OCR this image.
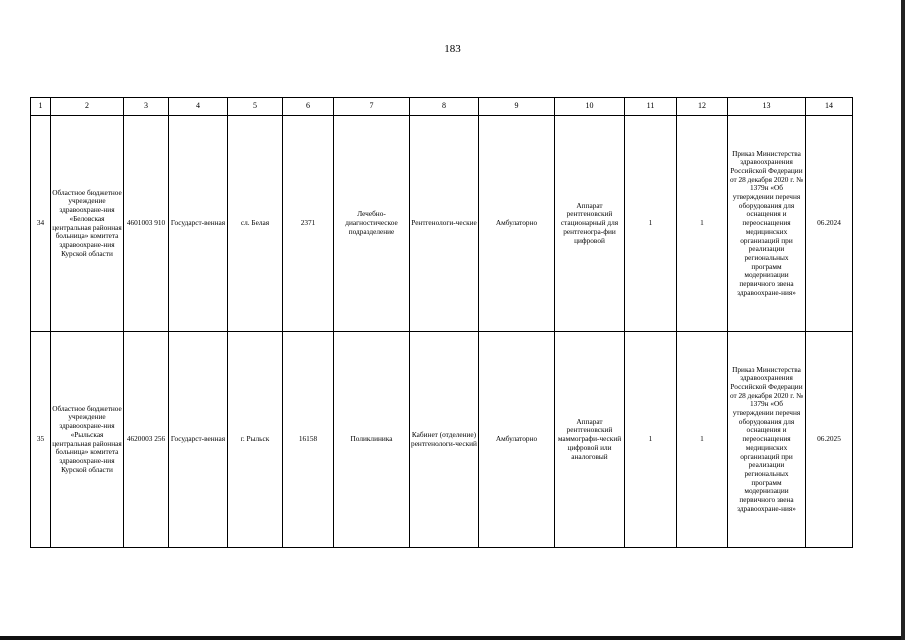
183
1	2	3	4	5	6	7	8	9	10	11	12	13	14
34	Областное бюджетное учреждение здравоохране-ния «Беловская центральная районная больница» комитета здравоохране-ния Курской области	4601003 910	Государст-венная	сл. Белая	2371	Лечебно-диагностическое подразделение	Рентгенологи-ческие	Амбулаторно	Аппарат рентгеновский стационарный для рентгеногра-фии цифровой	1	1	Приказ Министерства здравоохранения Российской Федерации от 28 декабря 2020 г. № 1379н «Об утверждении перечня оборудования для оснащения и переоснащения медицинских организаций при реализации региональных программ модернизации первичного звена здравоохране-ния»	06.2024
35	Областное бюджетное учреждение здравоохране-ния «Рыльская центральная районная больница» комитета здравоохране-ния Курской области	4620003 256	Государст-венная	г. Рыльск	16158	Поликлиника	Кабинет (отделение) рентгенологи-ческий	Амбулаторно	Аппарат рентгеновский маммографи-ческий цифровой или аналоговый	1	1	Приказ Министерства здравоохранения Российской Федерации от 28 декабря 2020 г. № 1379н «Об утверждении перечня оборудования для оснащения и переоснащения медицинских организаций при реализации региональных программ модернизации первичного звена здравоохране-ния»	06.2025
